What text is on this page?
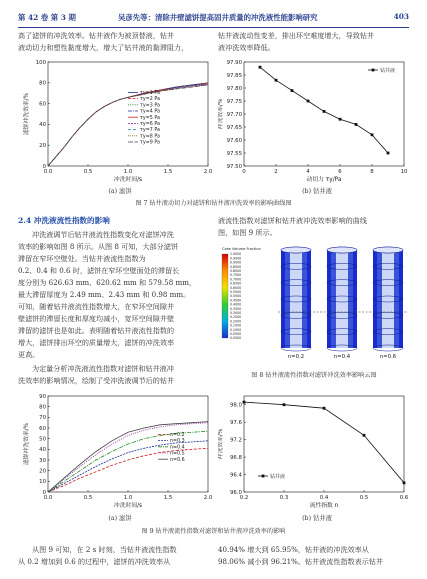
第 42 卷 第 3 期	吴彦先等：清除井壁滤饼提高固井质量的冲洗液性能影响研究	403

高了滤饼的冲洗效率。钻井液作为被顶替液，钻井

液动切力和塑性黏度增大，增大了钻井液的黏滞阻力，

钻井液流动性变差，排出环空难度增大，导致钻井

液冲洗效率降低。

0.0	0.5	1.0	1.5	2.0
0
20
40
60
80
100
冲洗时间/s
滤饼冲洗效率/%	τy=1 Pa
τy=2 Pa
τy=3 Pa
τy=4 Pa
τy=5 Pa
τy=6 Pa
τy=7 Pa
τy=8 Pa
τy=9 Pa
0	2	4	6	8	10
97.50
97.55
97.60
97.65
97.70
97.75
97.80
97.85
97.90
动切力 τy/Pa
冲洗效率/%
钻井液
(a) 滤饼	(b) 钻井液
图 7 钻井液动切力对滤饼和钻井液冲洗效率的影响曲线图
2.4 冲洗液流性指数的影响

冲洗液调节后钻井液流性指数变化对滤饼冲洗

效率的影响如图 8 所示。从图 8 可知，大部分滤饼

滞留在窄环空壁处。当钻井液流性指数为

0.2、0.4 和 0.6 时，滤饼在窄环空壁面处的滞留长

度分别为 626.63 mm、620.62 mm 和 579.58 mm，

最大滞留厚度为 2.49 mm、2.43 mm 和 0.98 mm。

可知，随着钻井液流性指数增大，在窄环空间隙井

壁滤饼的滞留长度和厚度均减小，宽环空间隙井壁

滞留的滤饼也是如此。表明随着钻井液流性指数的

增大，滤饼排出环空的质量增大，滤饼的冲洗效率

更高。

为定量分析冲洗液流性指数对滤饼和钻井液冲

洗效率的影响情况，绘制了受冲洗液调节后的钻井

液流性指数对滤饼和钻井液冲洗效率影响的曲线

图，如图 9 所示。

Cake Volume Fraction
1.0000
0.9500
0.9000
0.8500
0.8000
0.7500
0.7000
0.6500
0.6000
0.5500
0.5000
0.4500
0.4000
0.3500
0.3000
0.2500
0.2000
0.1500
0.1000
0.0500
0.0000
n=0.2	n=0.4	n=0.6
图 8 钻井液流性指数对滤饼冲洗效率影响云图
0.0	0.5	1.0	1.5	2.0
0
10
20
30
40
50
60
70
80
90
冲洗时间/s
滤饼冲洗效率/%	n=0.2
n=0.3
n=0.4
n=0.5
n=0.6
0.2	0.3	0.4	0.5	0.6
96.0
96.4
96.8
97.2
97.6
98.0
流性指数 n
冲洗效率/%
钻井液
(a) 滤饼	(b) 钻井液
图 9 钻井液流性指数对滤饼和钻井液冲洗效率的影响

从图 9 可知，在 2 s 时刻，当钻井液流性指数

从 0.2 增加到 0.6 的过程中，滤饼的冲洗效率从

40.94% 增大到 65.95%，钻井液的冲洗效率从

98.06% 减小到 96.21%。钻井液流性指数表示钻井
